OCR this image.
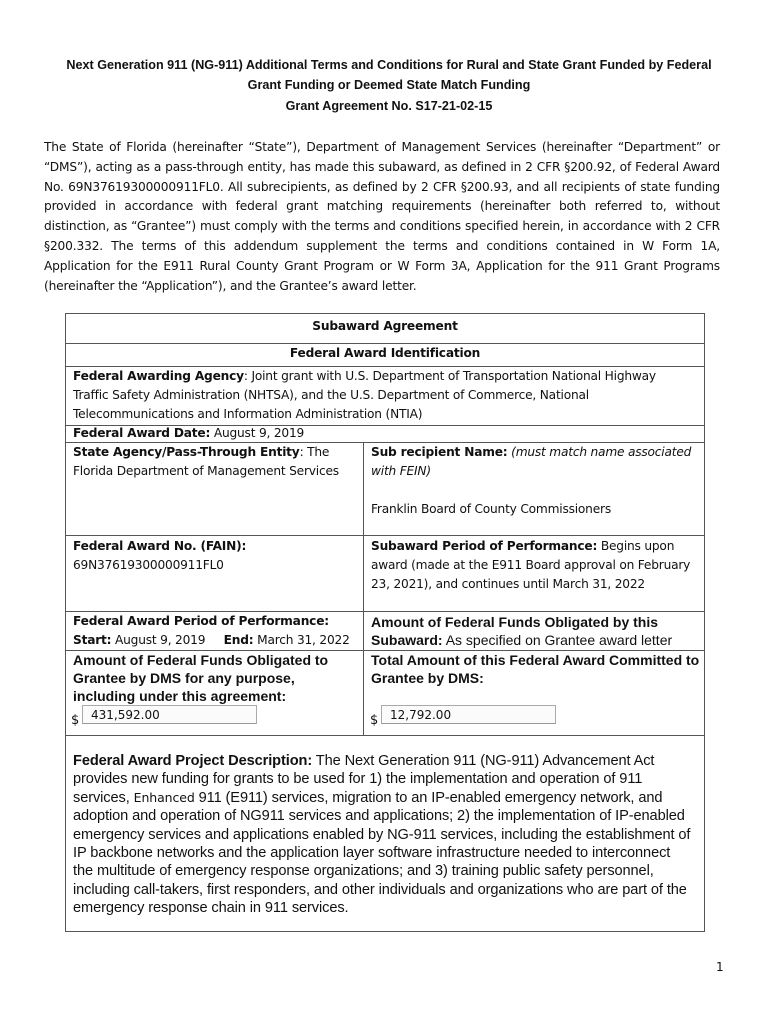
Next Generation 911 (NG-911) Additional Terms and Conditions for Rural and State Grant Funded by Federal
Grant Funding or Deemed State Match Funding
Grant Agreement No. S17-21-02-15
The State of Florida (hereinafter “State”), Department of Management Services (hereinafter “Department” or “DMS”), acting as a pass-through entity, has made this subaward, as defined in 2 CFR §200.92, of Federal Award No. 69N37619300000911FL0. All subrecipients, as defined by 2 CFR §200.93, and all recipients of state funding provided in accordance with federal grant matching requirements (hereinafter both referred to, without distinction, as “Grantee”) must comply with the terms and conditions specified herein, in accordance with 2 CFR §200.332. The terms of this addendum supplement the terms and conditions contained in W Form 1A, Application for the E911 Rural County Grant Program or W Form 3A, Application for the 911 Grant Programs (hereinafter the “Application”), and the Grantee’s award letter.
Subaward Agreement
Federal Award Identification
Federal Awarding Agency: Joint grant with U.S. Department of Transportation National Highway Traffic Safety Administration (NHTSA), and the U.S. Department of Commerce, National Telecommunications and Information Administration (NTIA)
Federal Award Date: August 9, 2019
State Agency/Pass-Through Entity: The Florida Department of Management Services
Sub recipient Name: (must match name associated with FEIN)
Franklin Board of County Commissioners
Federal Award No. (FAIN):
69N37619300000911FL0
Subaward Period of Performance: Begins upon award (made at the E911 Board approval on February 23, 2021), and continues until March 31, 2022
Federal Award Period of Performance:
Start: August 9, 2019 End: March 31, 2022
Amount of Federal Funds Obligated by this Subaward: As specified on Grantee award letter
Amount of Federal Funds Obligated to Grantee by DMS for any purpose, including under this agreement:
$ 431,592.00
Total Amount of this Federal Award Committed to Grantee by DMS:
$ 12,792.00
Federal Award Project Description: The Next Generation 911 (NG-911) Advancement Act provides new funding for grants to be used for 1) the implementation and operation of 911 services, Enhanced 911 (E911) services, migration to an IP-enabled emergency network, and adoption and operation of NG911 services and applications; 2) the implementation of IP-enabled emergency services and applications enabled by NG-911 services, including the establishment of IP backbone networks and the application layer software infrastructure needed to interconnect the multitude of emergency response organizations; and 3) training public safety personnel, including call-takers, first responders, and other individuals and organizations who are part of the emergency response chain in 911 services.
1
